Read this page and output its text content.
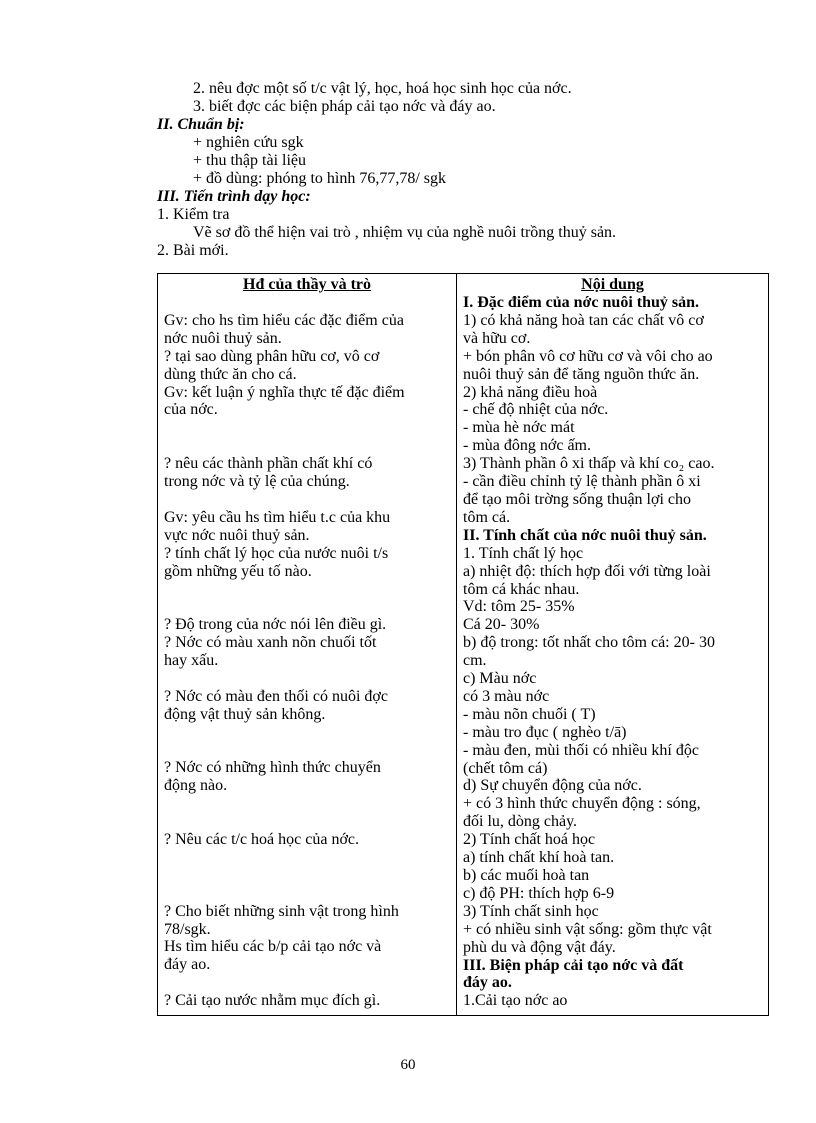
2. nêu đợc một số t/c vật lý, học, hoá học sinh học của nớc.
3. biết đợc các biện pháp cải tạo nớc và đáy ao.
II. Chuẩn bị:
+ nghiên cứu sgk
+ thu thập tài liệu
+ đồ dùng: phóng to hình 76,77,78/ sgk
III. Tiến trình dạy học:
1. Kiểm tra
Vẽ sơ đồ thể hiện vai trò , nhiệm vụ của nghề nuôi trồng thuỷ sản.
2. Bài mới.
Hđ của thầy và trò
Gv: cho hs tìm hiểu các đặc điểm của
nớc nuôi thuỷ sản.
? tại sao dùng phân hữu cơ, vô cơ
dùng thức ăn cho cá.
Gv: kết luận ý nghĩa thực tế đặc điểm
của nớc.
? nêu các thành phần chất khí có
trong nớc và tỷ lệ của chúng.
Gv: yêu cầu hs tìm hiểu t.c của khu
vực nớc nuôi thuỷ sản.
? tính chất lý học của nước nuôi t/s
gồm những yếu tố nào.
? Độ trong của nớc nói lên điều gì.
? Nớc có màu xanh nõn chuối tốt
hay xấu.
? Nớc có màu đen thối có nuôi đợc
động vật thuỷ sản không.
? Nớc có những hình thức chuyển
động nào.
? Nêu các t/c hoá học của nớc.
? Cho biết những sinh vật trong hình
78/sgk.
Hs tìm hiểu các b/p cải tạo nớc và
đáy ao.
? Cải tạo nước nhằm mục đích gì.

Nội dung
I. Đặc điểm của nớc nuôi thuỷ sản.
1) có khả năng hoà tan các chất vô cơ
và hữu cơ.
+ bón phân vô cơ hữu cơ và vôi cho ao
nuôi thuỷ sản để tăng nguồn thức ăn.
2) khả năng điều hoà
- chế độ nhiệt của nớc.
- mùa hè nớc mát
- mùa đông nớc ấm.
3) Thành phần ô xi thấp và khí co₂ cao.
- cần điều chỉnh tỷ lệ thành phần ô xi
để tạo môi trờng sống thuận lợi cho
tôm cá.
II. Tính chất của nớc nuôi thuỷ sản.
1. Tính chất lý học
a) nhiệt độ: thích hợp đối với từng loài
tôm cá khác nhau.
Vd: tôm 25- 35%
Cá 20- 30%
b) độ trong: tốt nhất cho tôm cá: 20- 30
cm.
c) Màu nớc
có 3 màu nớc
- màu nõn chuối ( T)
- màu tro đục ( nghèo t/ā)
- màu đen, mùi thối có nhiều khí độc
(chết tôm cá)
d) Sự chuyển động của nớc.
+ có 3 hình thức chuyển động : sóng,
đối lu, dòng chảy.
2) Tính chất hoá học
a) tính chất khí hoà tan.
b) các muối hoà tan
c) độ PH: thích hợp 6-9
3) Tính chất sinh học
+ có nhiều sinh vật sống: gồm thực vật
phù du và động vật đáy.
III. Biện pháp cải tạo nớc và đất
đáy ao.
1.Cải tạo nớc ao
60
